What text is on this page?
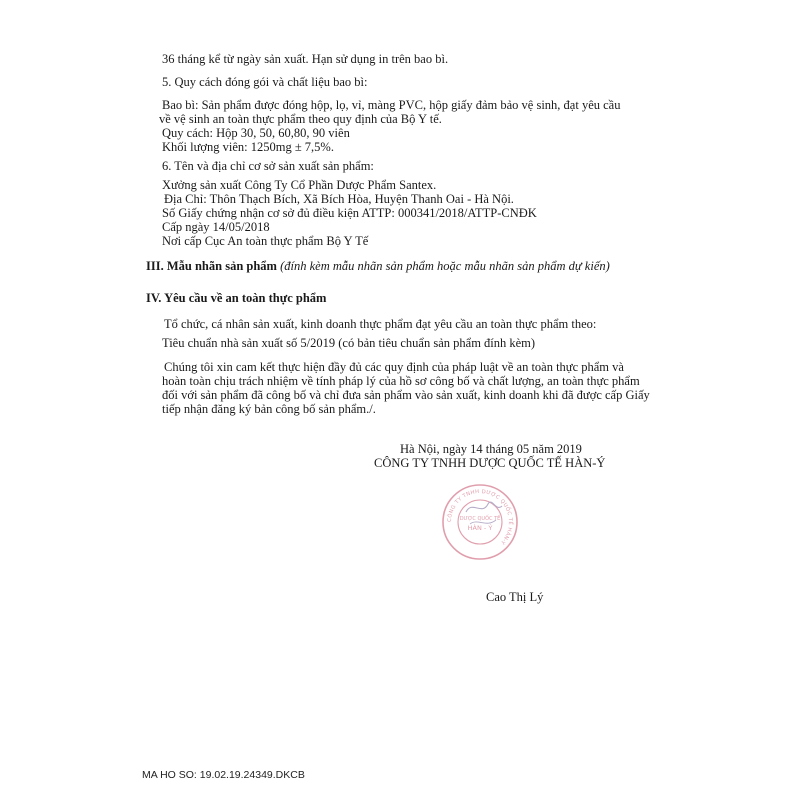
36 tháng kể từ ngày sản xuất. Hạn sử dụng in trên bao bì.
5. Quy cách đóng gói và chất liệu bao bì:
Bao bì: Sản phẩm được đóng hộp, lọ, vỉ, màng PVC, hộp giấy đảm bảo vệ sinh, đạt yêu cầu
về vệ sinh an toàn thực phẩm theo quy định của Bộ Y tế.
Quy cách: Hộp 30, 50, 60,80, 90 viên
Khối lượng viên: 1250mg ± 7,5%.
6. Tên và địa chỉ cơ sở sản xuất sản phẩm:
Xưởng sản xuất Công Ty Cổ Phần Dược Phẩm Santex.
Địa Chỉ: Thôn Thạch Bích, Xã Bích Hòa, Huyện Thanh Oai - Hà Nội.
Số Giấy chứng nhận cơ sở đủ điều kiện ATTP: 000341/2018/ATTP-CNĐK
Cấp ngày 14/05/2018
Nơi cấp Cục An toàn thực phẩm Bộ Y Tế
III. Mẫu nhãn sản phẩm (đính kèm mẫu nhãn sản phẩm hoặc mẫu nhãn sản phẩm dự kiến)
IV. Yêu cầu về an toàn thực phẩm
Tổ chức, cá nhân sản xuất, kinh doanh thực phẩm đạt yêu cầu an toàn thực phẩm theo:
Tiêu chuẩn nhà sản xuất số 5/2019 (có bản tiêu chuẩn sản phẩm đính kèm)
Chúng tôi xin cam kết thực hiện đầy đủ các quy định của pháp luật về an toàn thực phẩm và
hoàn toàn chịu trách nhiệm về tính pháp lý của hồ sơ công bố và chất lượng, an toàn thực phẩm
đối với sản phẩm đã công bố và chỉ đưa sản phẩm vào sản xuất, kinh doanh khi đã được cấp Giấy
tiếp nhận đăng ký bản công bố sản phẩm./.
Hà Nội, ngày 14 tháng 05 năm 2019
CÔNG TY TNHH DƯỢC QUỐC TẾ HÀN-Ý
CÔNG TY TNHH DƯỢC QUỐC TẾ HÀN-Ý
DƯỢC QUỐC TẾ
HÀN - Ý
Cao Thị Lý
MA HO SO: 19.02.19.24349.DKCB
